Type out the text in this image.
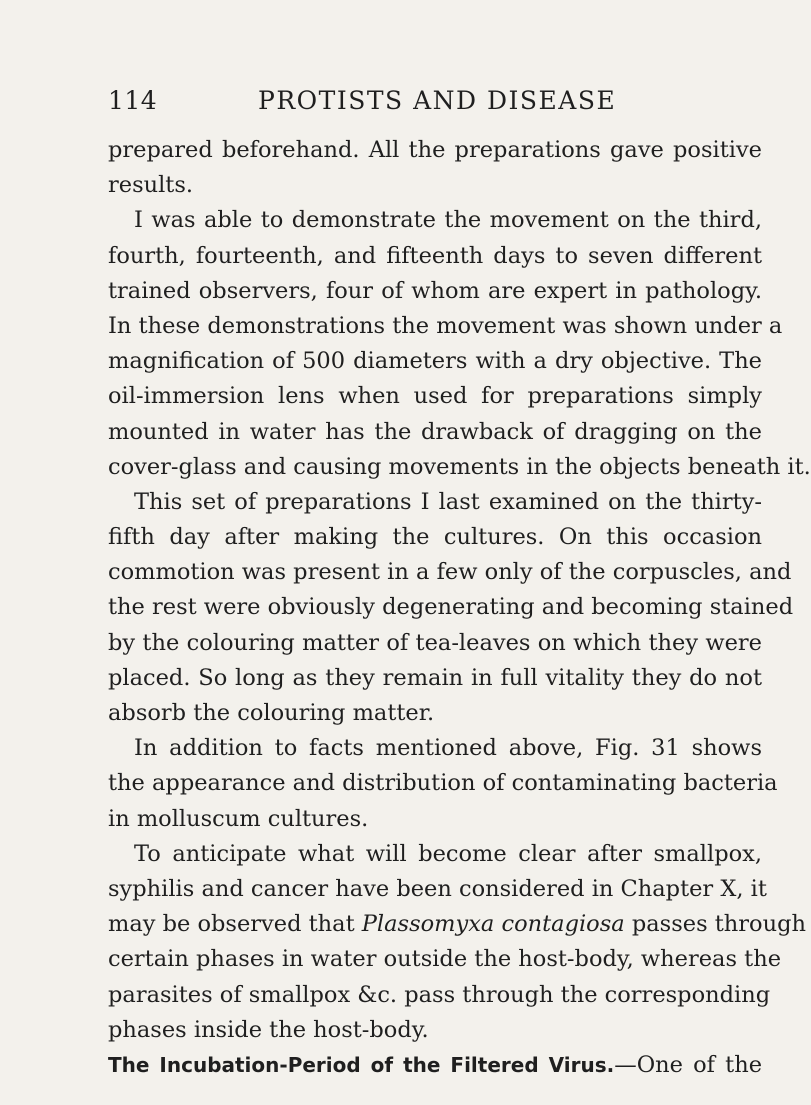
114	PROTISTS AND DISEASE
prepared beforehand. All the preparations gave positive
results.
I was able to demonstrate the movement on the third,
fourth, fourteenth, and fifteenth days to seven different
trained observers, four of whom are expert in pathology.
In these demonstrations the movement was shown under a
magnification of 500 diameters with a dry objective. The
oil-immersion lens when used for preparations simply
mounted in water has the drawback of dragging on the
cover-glass and causing movements in the objects beneath it.
This set of preparations I last examined on the thirty-
fifth day after making the cultures. On this occasion
commotion was present in a few only of the corpuscles, and
the rest were obviously degenerating and becoming stained
by the colouring matter of tea-leaves on which they were
placed. So long as they remain in full vitality they do not
absorb the colouring matter.
In addition to facts mentioned above, Fig. 31 shows
the appearance and distribution of contaminating bacteria
in molluscum cultures.
To anticipate what will become clear after smallpox,
syphilis and cancer have been considered in Chapter X, it
may be observed that Plassomyxa contagiosa passes through
certain phases in water outside the host-body, whereas the
parasites of smallpox &c. pass through the corresponding
phases inside the host-body.
The Incubation-Period of the Filtered Virus.—One of the
